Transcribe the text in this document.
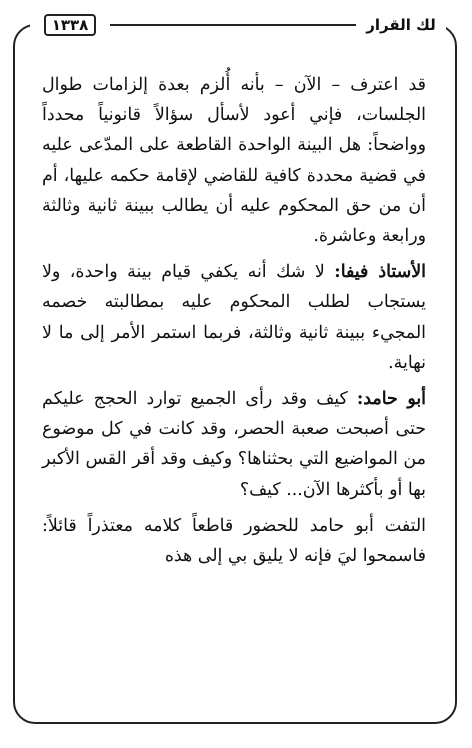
لك القرار
١٣٣٨

قد اعترف – الآن – بأنه أُلزم بعدة إلزامات طوال الجلسات، فإني أعود لأسأل سؤالاً قانونياً محدداً وواضحاً: هل البينة الواحدة القاطعة على المدّعى عليه في قضية محددة كافية للقاضي لإقامة حكمه عليها، أم أن من حق المحكوم عليه أن يطالب ببينة ثانية وثالثة ورابعة وعاشرة.

الأستاذ فيفا: لا شك أنه يكفي قيام بينة واحدة، ولا يستجاب لطلب المحكوم عليه بمطالبته خصمه المجيء ببينة ثانية وثالثة، فربما استمر الأمر إلى ما لا نهاية.

أبو حامد: كيف وقد رأى الجميع توارد الحجج عليكم حتى أصبحت صعبة الحصر، وقد كانت في كل موضوع من المواضيع التي بحثناها؟ وكيف وقد أقر القس الأكبر بها أو بأكثرها الآن... كيف؟

التفت أبو حامد للحضور قاطعاً كلامه معتذراً قائلاً: فاسمحوا ليَ فإنه لا يليق بي إلى هذه
